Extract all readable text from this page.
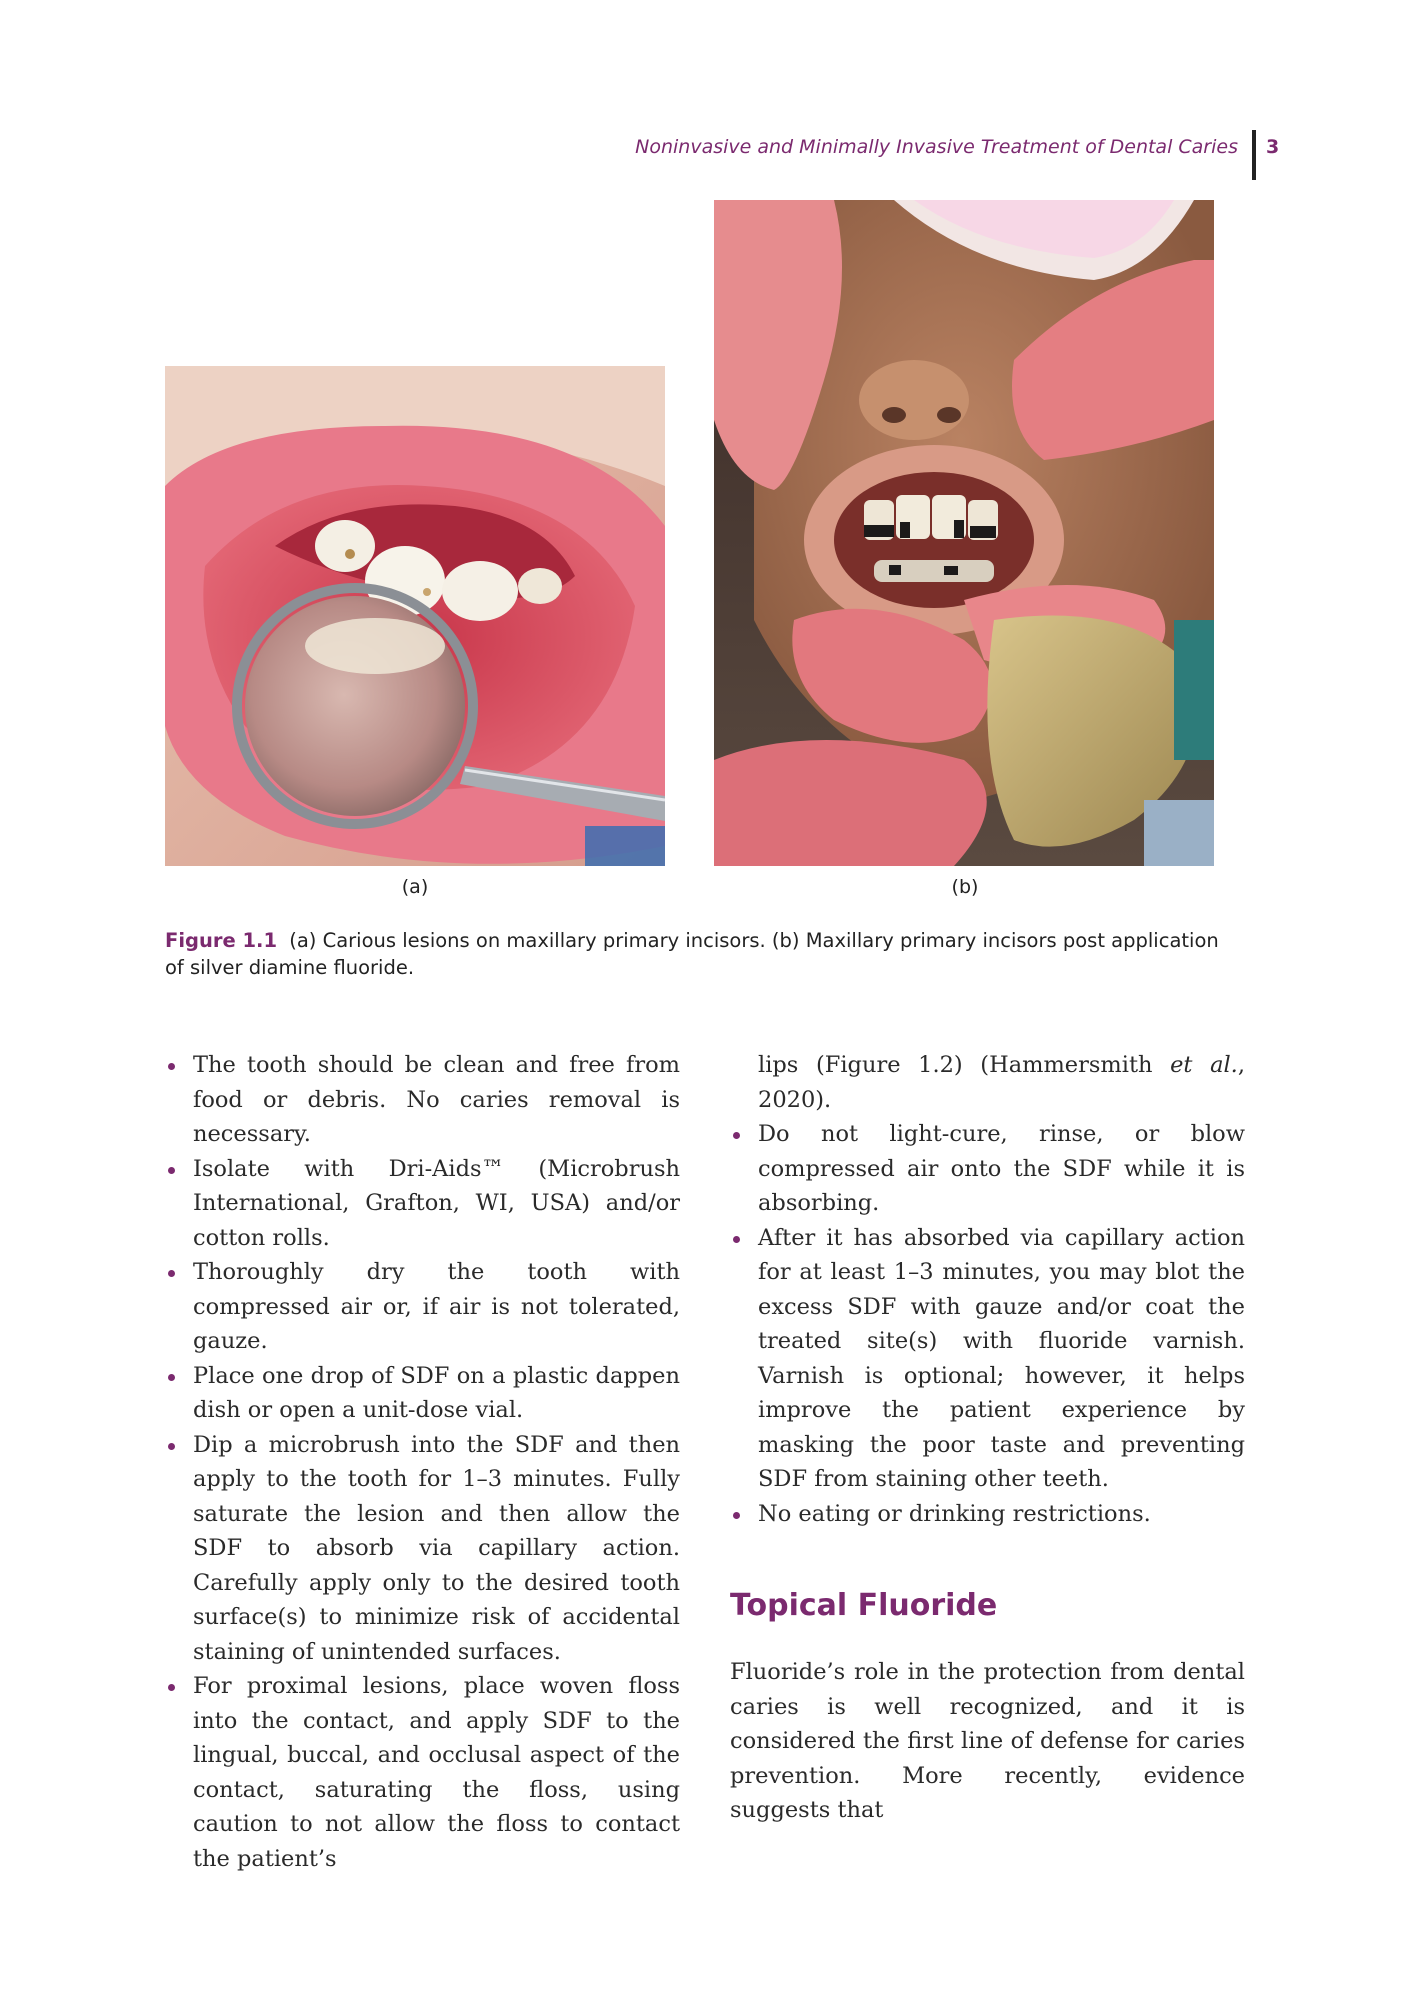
Noninvasive and Minimally Invasive Treatment of Dental Caries 3
(a)	(b)
Figure 1.1 (a) Carious lesions on maxillary primary incisors. (b) Maxillary primary incisors post application of silver diamine fluoride.
The tooth should be clean and free from food or debris. No caries removal is necessary.
Isolate with Dri-Aids™ (Microbrush International, Grafton, WI, USA) and/or cotton rolls.
Thoroughly dry the tooth with compressed air or, if air is not tolerated, gauze.
Place one drop of SDF on a plastic dappen dish or open a unit-dose vial.
Dip a microbrush into the SDF and then apply to the tooth for 1–3 minutes. Fully saturate the lesion and then allow the SDF to absorb via capillary action. Carefully apply only to the desired tooth surface(s) to minimize risk of accidental staining of unintended surfaces.
For proximal lesions, place woven floss into the contact, and apply SDF to the lingual, buccal, and occlusal aspect of the contact, saturating the floss, using caution to not allow the floss to contact the patient’s

lips (Figure 1.2) (Hammersmith et al., 2020).

Do not light-cure, rinse, or blow compressed air onto the SDF while it is absorbing.
After it has absorbed via capillary action for at least 1–3 minutes, you may blot the excess SDF with gauze and/or coat the treated site(s) with fluoride varnish. Varnish is optional; however, it helps improve the patient experience by masking the poor taste and preventing SDF from staining other teeth.
No eating or drinking restrictions.
Topical Fluoride

Fluoride’s role in the protection from dental caries is well recognized, and it is considered the first line of defense for caries prevention. More recently, evidence suggests that
